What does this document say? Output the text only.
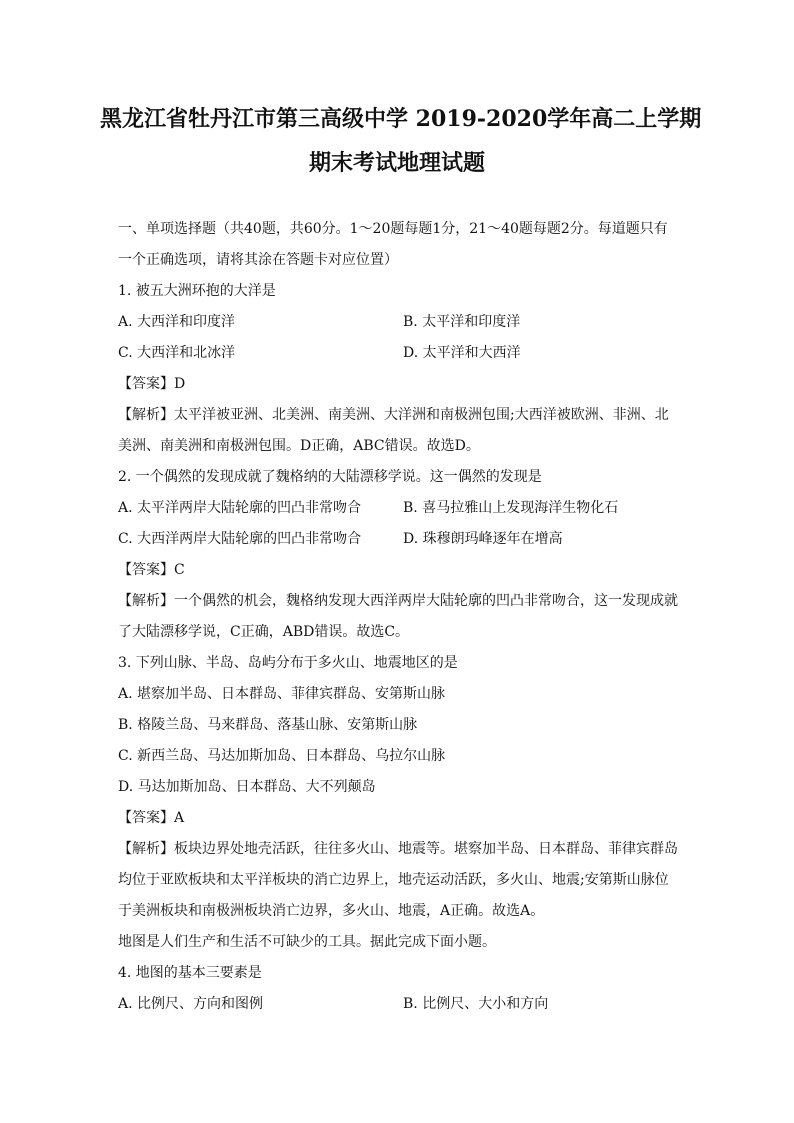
黑龙江省牡丹江市第三高级中学 2019-2020学年高二上学期
期末考试地理试题
一、单项选择题（共40题，共60分。1～20题每题1分，21～40题每题2分。每道题只有
一个正确选项，请将其涂在答题卡对应位置）
1. 被五大洲环抱的大洋是
A. 大西洋和印度洋	B. 太平洋和印度洋
C. 大西洋和北冰洋	D. 太平洋和大西洋
【答案】D
【解析】太平洋被亚洲、北美洲、南美洲、大洋洲和南极洲包围;大西洋被欧洲、非洲、北
美洲、南美洲和南极洲包围。D正确，ABC错误。故选D。
2. 一个偶然的发现成就了魏格纳的大陆漂移学说。这一偶然的发现是
A. 太平洋两岸大陆轮廓的凹凸非常吻合	B. 喜马拉雅山上发现海洋生物化石
C. 大西洋两岸大陆轮廓的凹凸非常吻合	D. 珠穆朗玛峰逐年在增高
【答案】C
【解析】一个偶然的机会，魏格纳发现大西洋两岸大陆轮廓的凹凸非常吻合，这一发现成就
了大陆漂移学说，C正确，ABD错误。故选C。
3. 下列山脉、半岛、岛屿分布于多火山、地震地区的是
A. 堪察加半岛、日本群岛、菲律宾群岛、安第斯山脉
B. 格陵兰岛、马来群岛、落基山脉、安第斯山脉
C. 新西兰岛、马达加斯加岛、日本群岛、乌拉尔山脉
D. 马达加斯加岛、日本群岛、大不列颠岛
【答案】A
【解析】板块边界处地壳活跃，往往多火山、地震等。堪察加半岛、日本群岛、菲律宾群岛
均位于亚欧板块和太平洋板块的消亡边界上，地壳运动活跃，多火山、地震;安第斯山脉位
于美洲板块和南极洲板块消亡边界，多火山、地震，A正确。故选A。
地图是人们生产和生活不可缺少的工具。据此完成下面小题。
4. 地图的基本三要素是
A. 比例尺、方向和图例	B. 比例尺、大小和方向
